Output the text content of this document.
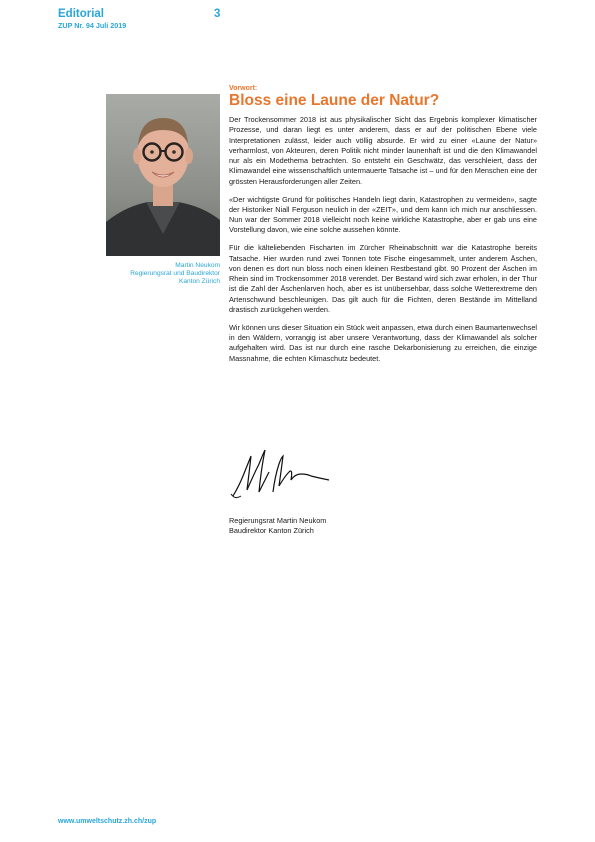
Editorial
ZUP Nr. 94 Juli 2019
3
Martin Neukom
Regierungsrat und Baudirektor
Kanton Zürich
Vorwort:
Bloss eine Laune der Natur?

Der Trockensommer 2018 ist aus physikalischer Sicht das Ergebnis komplexer klimatischer Prozesse, und daran liegt es unter anderem, dass er auf der politischen Ebene viele Interpretationen zulässt, leider auch völlig absurde. Er wird zu einer «Laune der Natur» verharmlost, von Akteuren, deren Politik nicht minder launenhaft ist und die den Klimawandel nur als ein Modethema betrachten. So entsteht ein Geschwätz, das verschleiert, dass der Klimawandel eine wissenschaftlich untermauerte Tatsache ist – und für den Menschen eine der grössten Herausforderungen aller Zeiten.

«Der wichtigste Grund für politisches Handeln liegt darin, Katastrophen zu vermeiden», sagte der Historiker Niall Ferguson neulich in der «ZEIT», und dem kann ich mich nur anschliessen. Nun war der Sommer 2018 vielleicht noch keine wirkliche Katastrophe, aber er gab uns eine Vorstellung davon, wie eine solche aussehen könnte.

Für die kälteliebenden Fischarten im Zürcher Rheinabschnitt war die Katastrophe bereits Tatsache. Hier wurden rund zwei Tonnen tote Fische eingesammelt, unter anderem Äschen, von denen es dort nun bloss noch einen kleinen Restbestand gibt. 90 Prozent der Äschen im Rhein sind im Trockensommer 2018 verendet. Der Bestand wird sich zwar erholen, in der Thur ist die Zahl der Äschenlarven hoch, aber es ist unübersehbar, dass solche Wetterextreme den Artenschwund beschleunigen. Das gilt auch für die Fichten, deren Bestände im Mittelland drastisch zurückgehen werden.

Wir können uns dieser Situation ein Stück weit anpassen, etwa durch einen Baumartenwechsel in den Wäldern, vorrangig ist aber unsere Verantwortung, dass der Klimawandel als solcher aufgehalten wird. Das ist nur durch eine rasche Dekarbonisierung zu erreichen, die einzige Massnahme, die echten Klimaschutz bedeutet.

Regierungsrat Martin Neukom
Baudirektor Kanton Zürich
www.umweltschutz.zh.ch/zup
